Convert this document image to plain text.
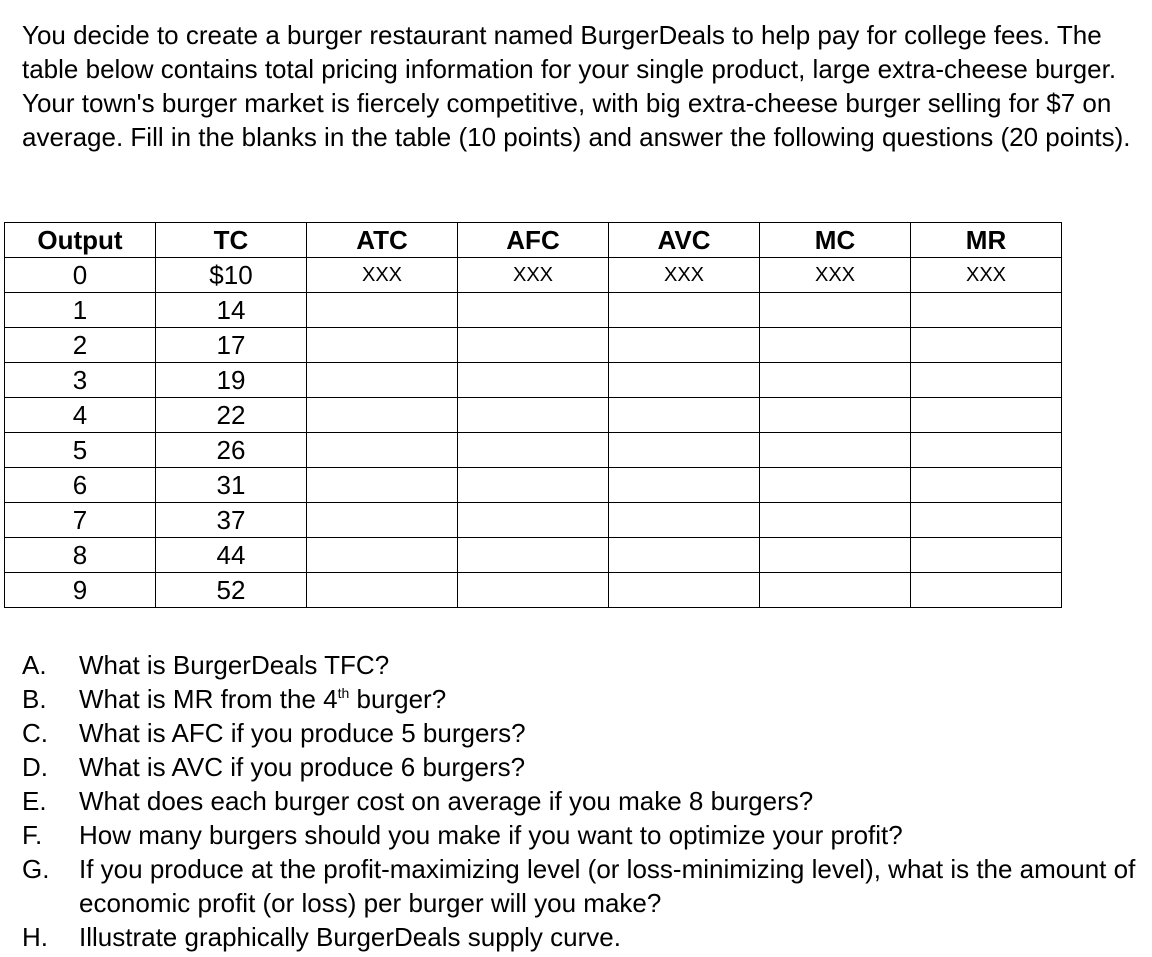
You decide to create a burger restaurant named BurgerDeals to help pay for college fees. The table below contains total pricing information for your single product, large extra-cheese burger. Your town's burger market is fiercely competitive, with big extra-cheese burger selling for $7 on average. Fill in the blanks in the table (10 points) and answer the following questions (20 points).

Output	TC	ATC	AFC	AVC	MC	MR
0	$10	XXX	XXX	XXX	XXX	XXX
1	14					
2	17					
3	19					
4	22					
5	26					
6	31					
7	37					
8	44					
9	52					
A.	What is BurgerDeals TFC?
B.	What is MR from the 4th burger?
C.	What is AFC if you produce 5 burgers?
D.	What is AVC if you produce 6 burgers?
E.	What does each burger cost on average if you make 8 burgers?
F.	How many burgers should you make if you want to optimize your profit?
G.	If you produce at the profit-maximizing level (or loss-minimizing level), what is the amount of economic profit (or loss) per burger will you make?
H.	Illustrate graphically BurgerDeals supply curve.
